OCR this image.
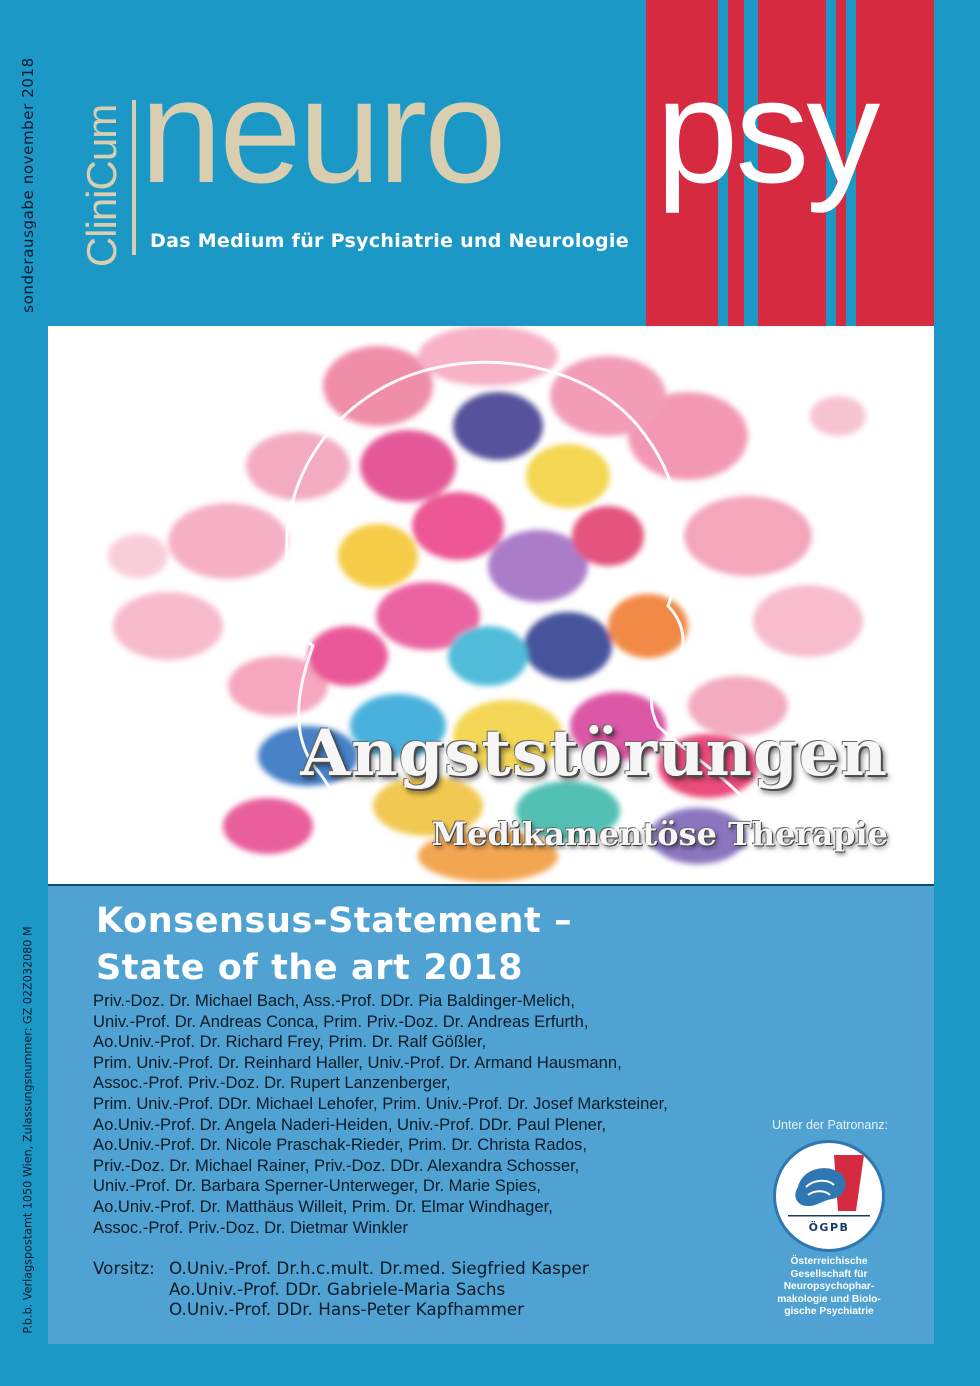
sonderausgabe november 2018
P.b.b. Verlagspostamt 1050 Wien, Zulassungsnummer: GZ 02Z032080 M
CliniCum neuro psy
Das Medium für Psychiatrie und Neurologie
Angststörungen
Medikamentöse Therapie
Konsensus-Statement –
State of the art 2018
Priv.-Doz. Dr. Michael Bach, Ass.-Prof. DDr. Pia Baldinger-Melich,
Univ.-Prof. Dr. Andreas Conca, Prim. Priv.-Doz. Dr. Andreas Erfurth,
Ao.Univ.-Prof. Dr. Richard Frey, Prim. Dr. Ralf Gößler,
Prim. Univ.-Prof. Dr. Reinhard Haller, Univ.-Prof. Dr. Armand Hausmann,
Assoc.-Prof. Priv.-Doz. Dr. Rupert Lanzenberger,
Prim. Univ.-Prof. DDr. Michael Lehofer, Prim. Univ.-Prof. Dr. Josef Marksteiner,
Ao.Univ.-Prof. Dr. Angela Naderi-Heiden, Univ.-Prof. DDr. Paul Plener,
Ao.Univ.-Prof. Dr. Nicole Praschak-Rieder, Prim. Dr. Christa Rados,
Priv.-Doz. Dr. Michael Rainer, Priv.-Doz. DDr. Alexandra Schosser,
Univ.-Prof. Dr. Barbara Sperner-Unterweger, Dr. Marie Spies,
Ao.Univ.-Prof. Dr. Matthäus Willeit, Prim. Dr. Elmar Windhager,
Assoc.-Prof. Priv.-Doz. Dr. Dietmar Winkler
Vorsitz: O.Univ.-Prof. Dr.h.c.mult. Dr.med. Siegfried Kasper
Ao.Univ.-Prof. DDr. Gabriele-Maria Sachs
O.Univ.-Prof. DDr. Hans-Peter Kapfhammer
Unter der Patronanz:
ÖGPB
Österreichische
Gesellschaft für
Neuropsychophar-
makologie und Biolo-
gische Psychiatrie
